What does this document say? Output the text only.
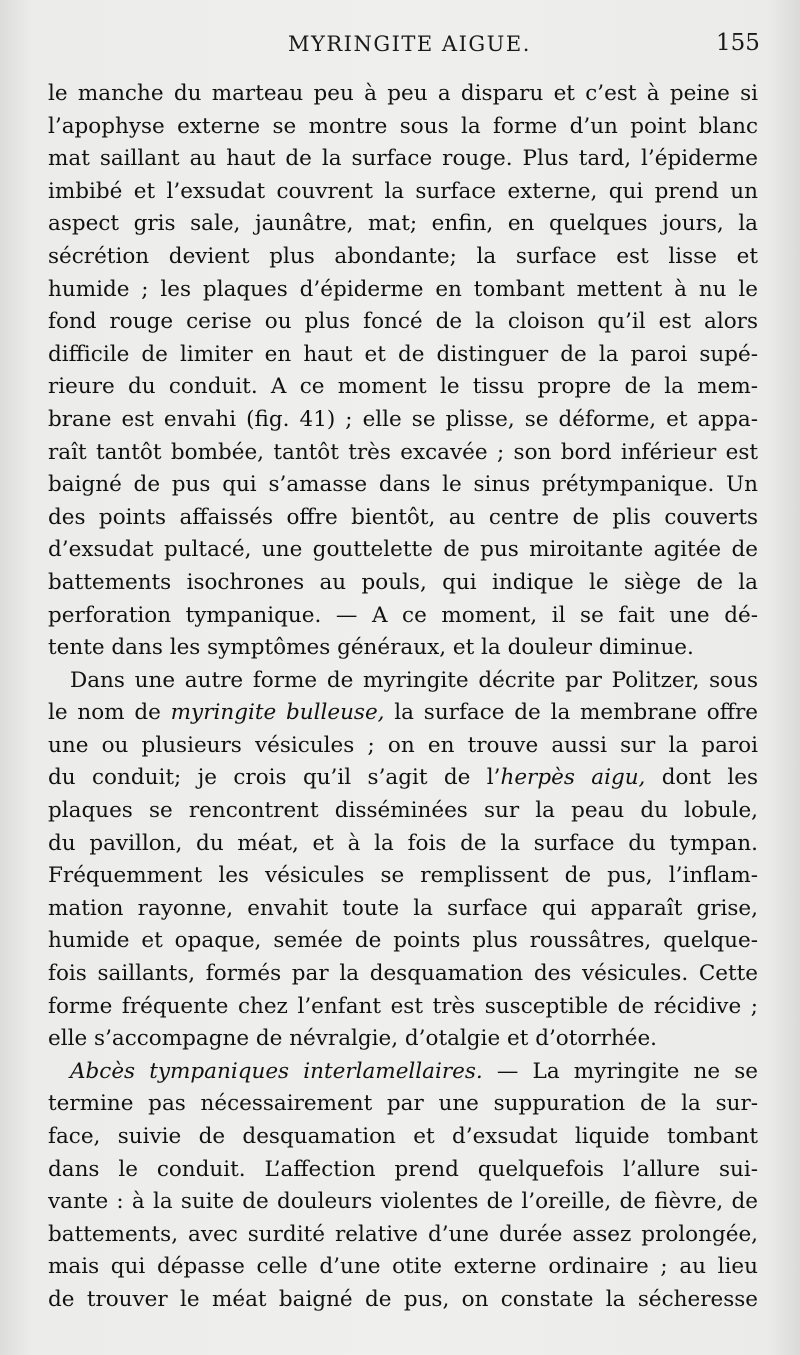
MYRINGITE AIGUE.	155
le manche du marteau peu à peu a disparu et c’est à peine si
l’apophyse externe se montre sous la forme d’un point blanc
mat saillant au haut de la surface rouge. Plus tard, l’épiderme
imbibé et l’exsudat couvrent la surface externe, qui prend un
aspect gris sale, jaunâtre, mat; enfin, en quelques jours, la
sécrétion devient plus abondante; la surface est lisse et
humide ; les plaques d’épiderme en tombant mettent à nu le
fond rouge cerise ou plus foncé de la cloison qu’il est alors
difficile de limiter en haut et de distinguer de la paroi supé-
rieure du conduit. A ce moment le tissu propre de la mem-
brane est envahi (fig. 41) ; elle se plisse, se déforme, et appa-
raît tantôt bombée, tantôt très excavée ; son bord inférieur est
baigné de pus qui s’amasse dans le sinus prétympanique. Un
des points affaissés offre bientôt, au centre de plis couverts
d’exsudat pultacé, une gouttelette de pus miroitante agitée de
battements isochrones au pouls, qui indique le siège de la
perforation tympanique. — A ce moment, il se fait une dé-
tente dans les symptômes généraux, et la douleur diminue.
Dans une autre forme de myringite décrite par Politzer, sous
le nom de myringite bulleuse, la surface de la membrane offre
une ou plusieurs vésicules ; on en trouve aussi sur la paroi
du conduit; je crois qu’il s’agit de l’herpès aigu, dont les
plaques se rencontrent disséminées sur la peau du lobule,
du pavillon, du méat, et à la fois de la surface du tympan.
Fréquemment les vésicules se remplissent de pus, l’inflam-
mation rayonne, envahit toute la surface qui apparaît grise,
humide et opaque, semée de points plus roussâtres, quelque-
fois saillants, formés par la desquamation des vésicules. Cette
forme fréquente chez l’enfant est très susceptible de récidive ;
elle s’accompagne de névralgie, d’otalgie et d’otorrhée.
Abcès tympaniques interlamellaires. — La myringite ne se
termine pas nécessairement par une suppuration de la sur-
face, suivie de desquamation et d’exsudat liquide tombant
dans le conduit. L’affection prend quelquefois l’allure sui-
vante : à la suite de douleurs violentes de l’oreille, de fièvre, de
battements, avec surdité relative d’une durée assez prolongée,
mais qui dépasse celle d’une otite externe ordinaire ; au lieu
de trouver le méat baigné de pus, on constate la sécheresse
